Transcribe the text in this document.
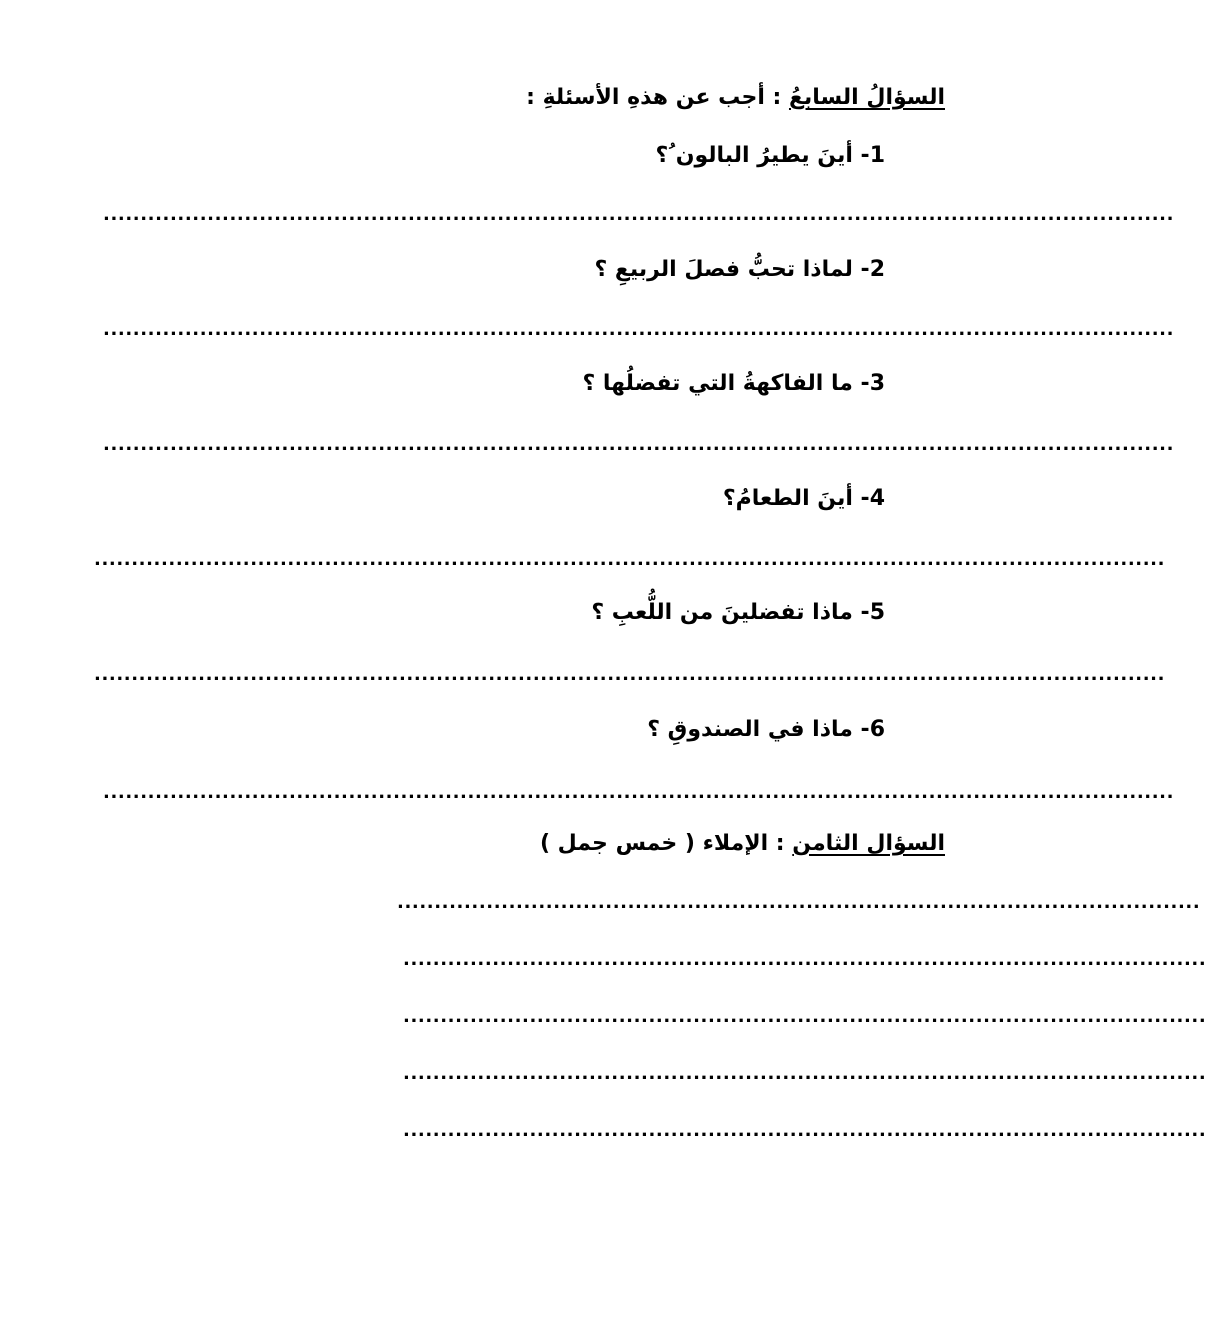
السؤالُ السابعُ : أجب عن هذهِ الأسئلةِ :
1- أينَ يطيرُ البالون ُ؟
................................................................................................................................................
2- لماذا تحبُّ فصلَ الربيعِ ؟
................................................................................................................................................
3- ما الفاكهةُ التي تفضلُها ؟
................................................................................................................................................
4- أينَ الطعامُ؟
................................................................................................................................................
5- ماذا تفضلينَ من اللُّعبِ ؟
................................................................................................................................................
6- ماذا في الصندوقِ ؟
................................................................................................................................................
السؤال الثامن : الإملاء ( خمس جمل )
............................................................................................................
............................................................................................................
............................................................................................................
............................................................................................................
............................................................................................................
